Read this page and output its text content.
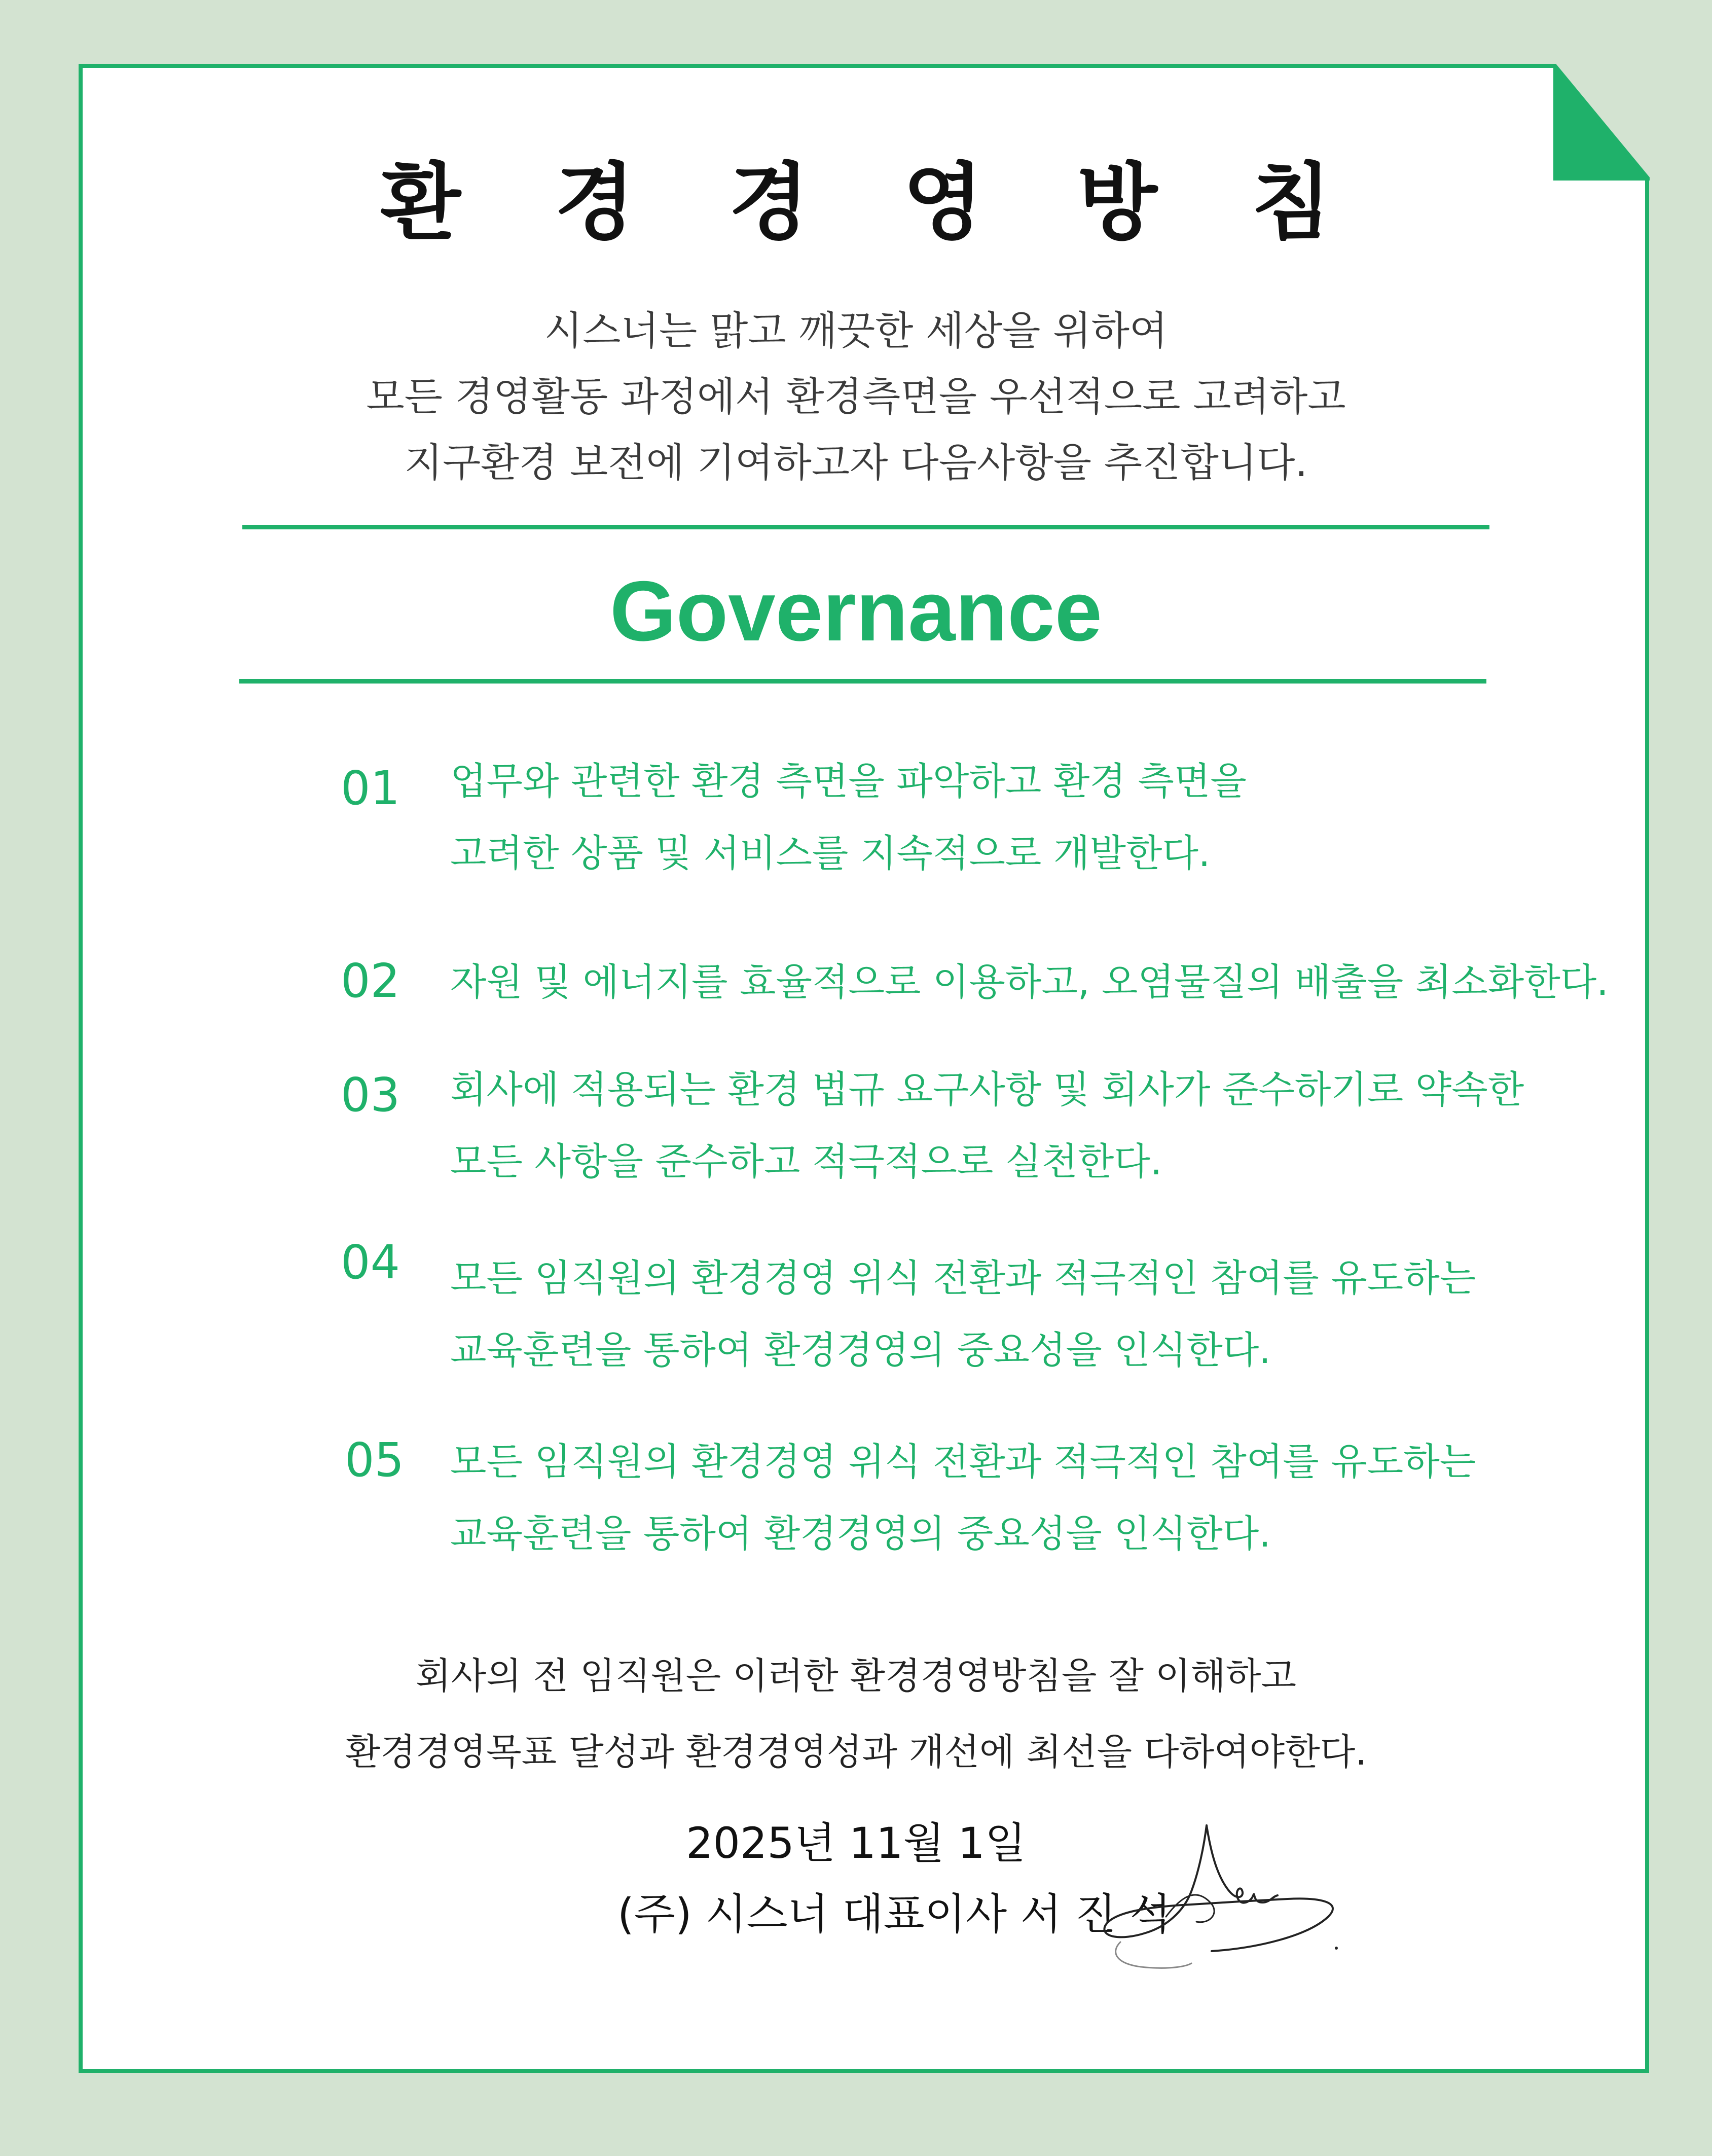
환 경 경 영 방 침
시스너는 맑고 깨끗한 세상을 위하여
모든 경영활동 과정에서 환경측면을 우선적으로 고려하고
지구환경 보전에 기여하고자 다음사항을 추진합니다.
Governance
01 업무와 관련한 환경 측면을 파악하고 환경 측면을
고려한 상품 및 서비스를 지속적으로 개발한다.
02 자원 및 에너지를 효율적으로 이용하고, 오염물질의 배출을 최소화한다.
03 회사에 적용되는 환경 법규 요구사항 및 회사가 준수하기로 약속한
모든 사항을 준수하고 적극적으로 실천한다.
04 모든 임직원의 환경경영 위식 전환과 적극적인 참여를 유도하는
교육훈련을 통하여 환경경영의 중요성을 인식한다.
05 모든 임직원의 환경경영 위식 전환과 적극적인 참여를 유도하는
교육훈련을 통하여 환경경영의 중요성을 인식한다.
회사의 전 임직원은 이러한 환경경영방침을 잘 이해하고
환경경영목표 달성과 환경경영성과 개선에 최선을 다하여야한다.
2025년 11월 1일
(주) 시스너 대표이사 서 진 석
